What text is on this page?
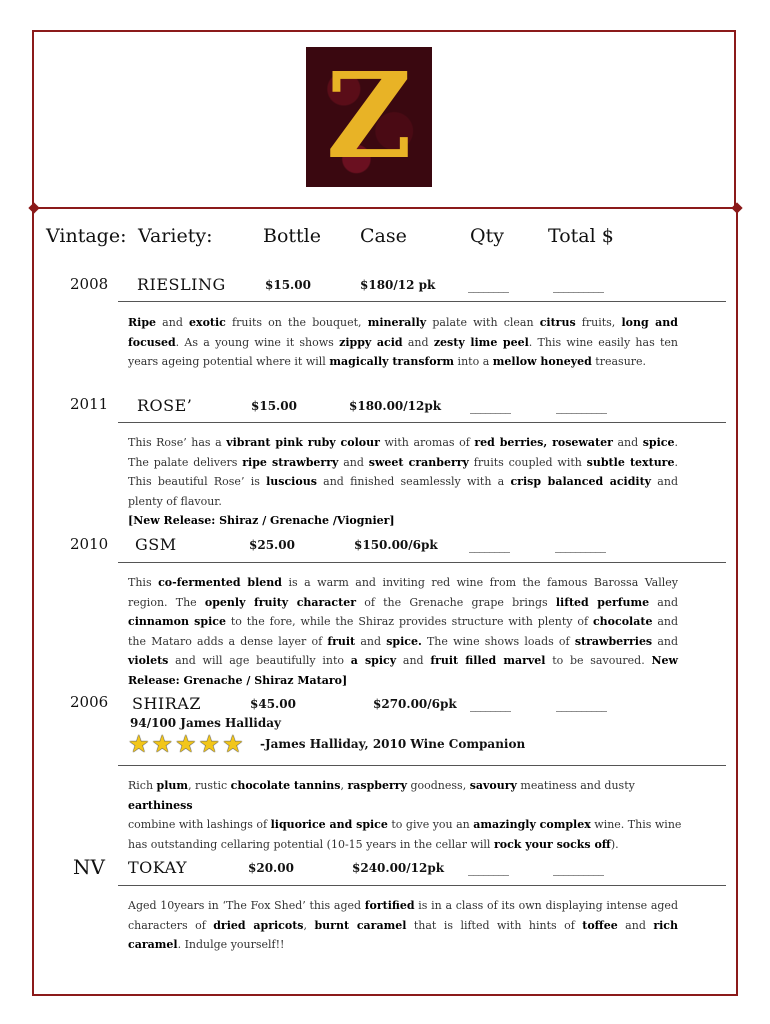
Z
Vintage: Variety:	Bottle Case	Qty Total $
2008 RIESLING	$15.00	$180/12 pk	________	__________
Ripe and exotic fruits on the bouquet, minerally palate with clean citrus fruits, long and focused. As a young wine it shows zippy acid and zesty lime peel. This wine easily has ten years ageing potential where it will magically transform into a mellow honeyed treasure.
2011 ROSE’	$15.00	$180.00/12pk ________	__________
This Rose’ has a vibrant pink ruby colour with aromas of red berries, rosewater and spice. The palate delivers ripe strawberry and sweet cranberry fruits coupled with subtle texture. This beautiful Rose’ is luscious and finished seamlessly with a crisp balanced acidity and plenty of flavour.
[New Release: Shiraz / Grenache /Viognier]
2010 GSM	$25.00	$150.00/6pk	________	__________
This co-fermented blend is a warm and inviting red wine from the famous Barossa Valley region. The openly fruity character of the Grenache grape brings lifted perfume and cinnamon spice to the fore, while the Shiraz provides structure with plenty of chocolate and the Mataro adds a dense layer of fruit and spice. The wine shows loads of strawberries and violets and will age beautifully into a spicy and fruit filled marvel to be savoured. New Release: Grenache / Shiraz Mataro]
2006 SHIRAZ	$45.00	$270.00/6pk ________	__________
94/100 James Halliday
★ ★ ★ ★ ★ -James Halliday, 2010 Wine Companion
Rich plum, rustic chocolate tannins, raspberry goodness, savoury meatiness and dusty earthiness
combine with lashings of liquorice and spice to give you an amazingly complex wine. This wine
has outstanding cellaring potential (10-15 years in the cellar will rock your socks off).
NV TOKAY	$20.00	$240.00/12pk ________	__________
Aged 10years in ‘The Fox Shed’ this aged fortified is in a class of its own displaying intense aged characters of dried apricots, burnt caramel that is lifted with hints of toffee and rich caramel. Indulge yourself!!
